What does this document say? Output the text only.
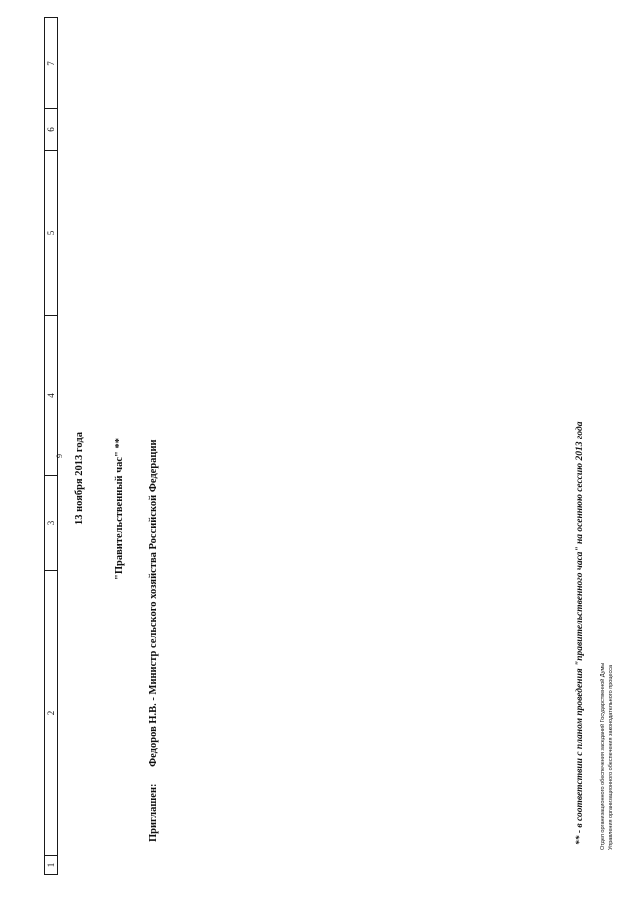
1
2
3
4
5
6
7
9 13 ноября 2013 года	"Правительственный час" **
Приглашен: Федоров Н.В. - Министр сельского хозяйства Российской Федерации	** - в соответствии с планом проведения "правительственного часа" на осеннюю сессию 2013 года	Отдел организационного обеспечения заседаний Государственной Думы Управления организационного обеспечения законодательного процесса
